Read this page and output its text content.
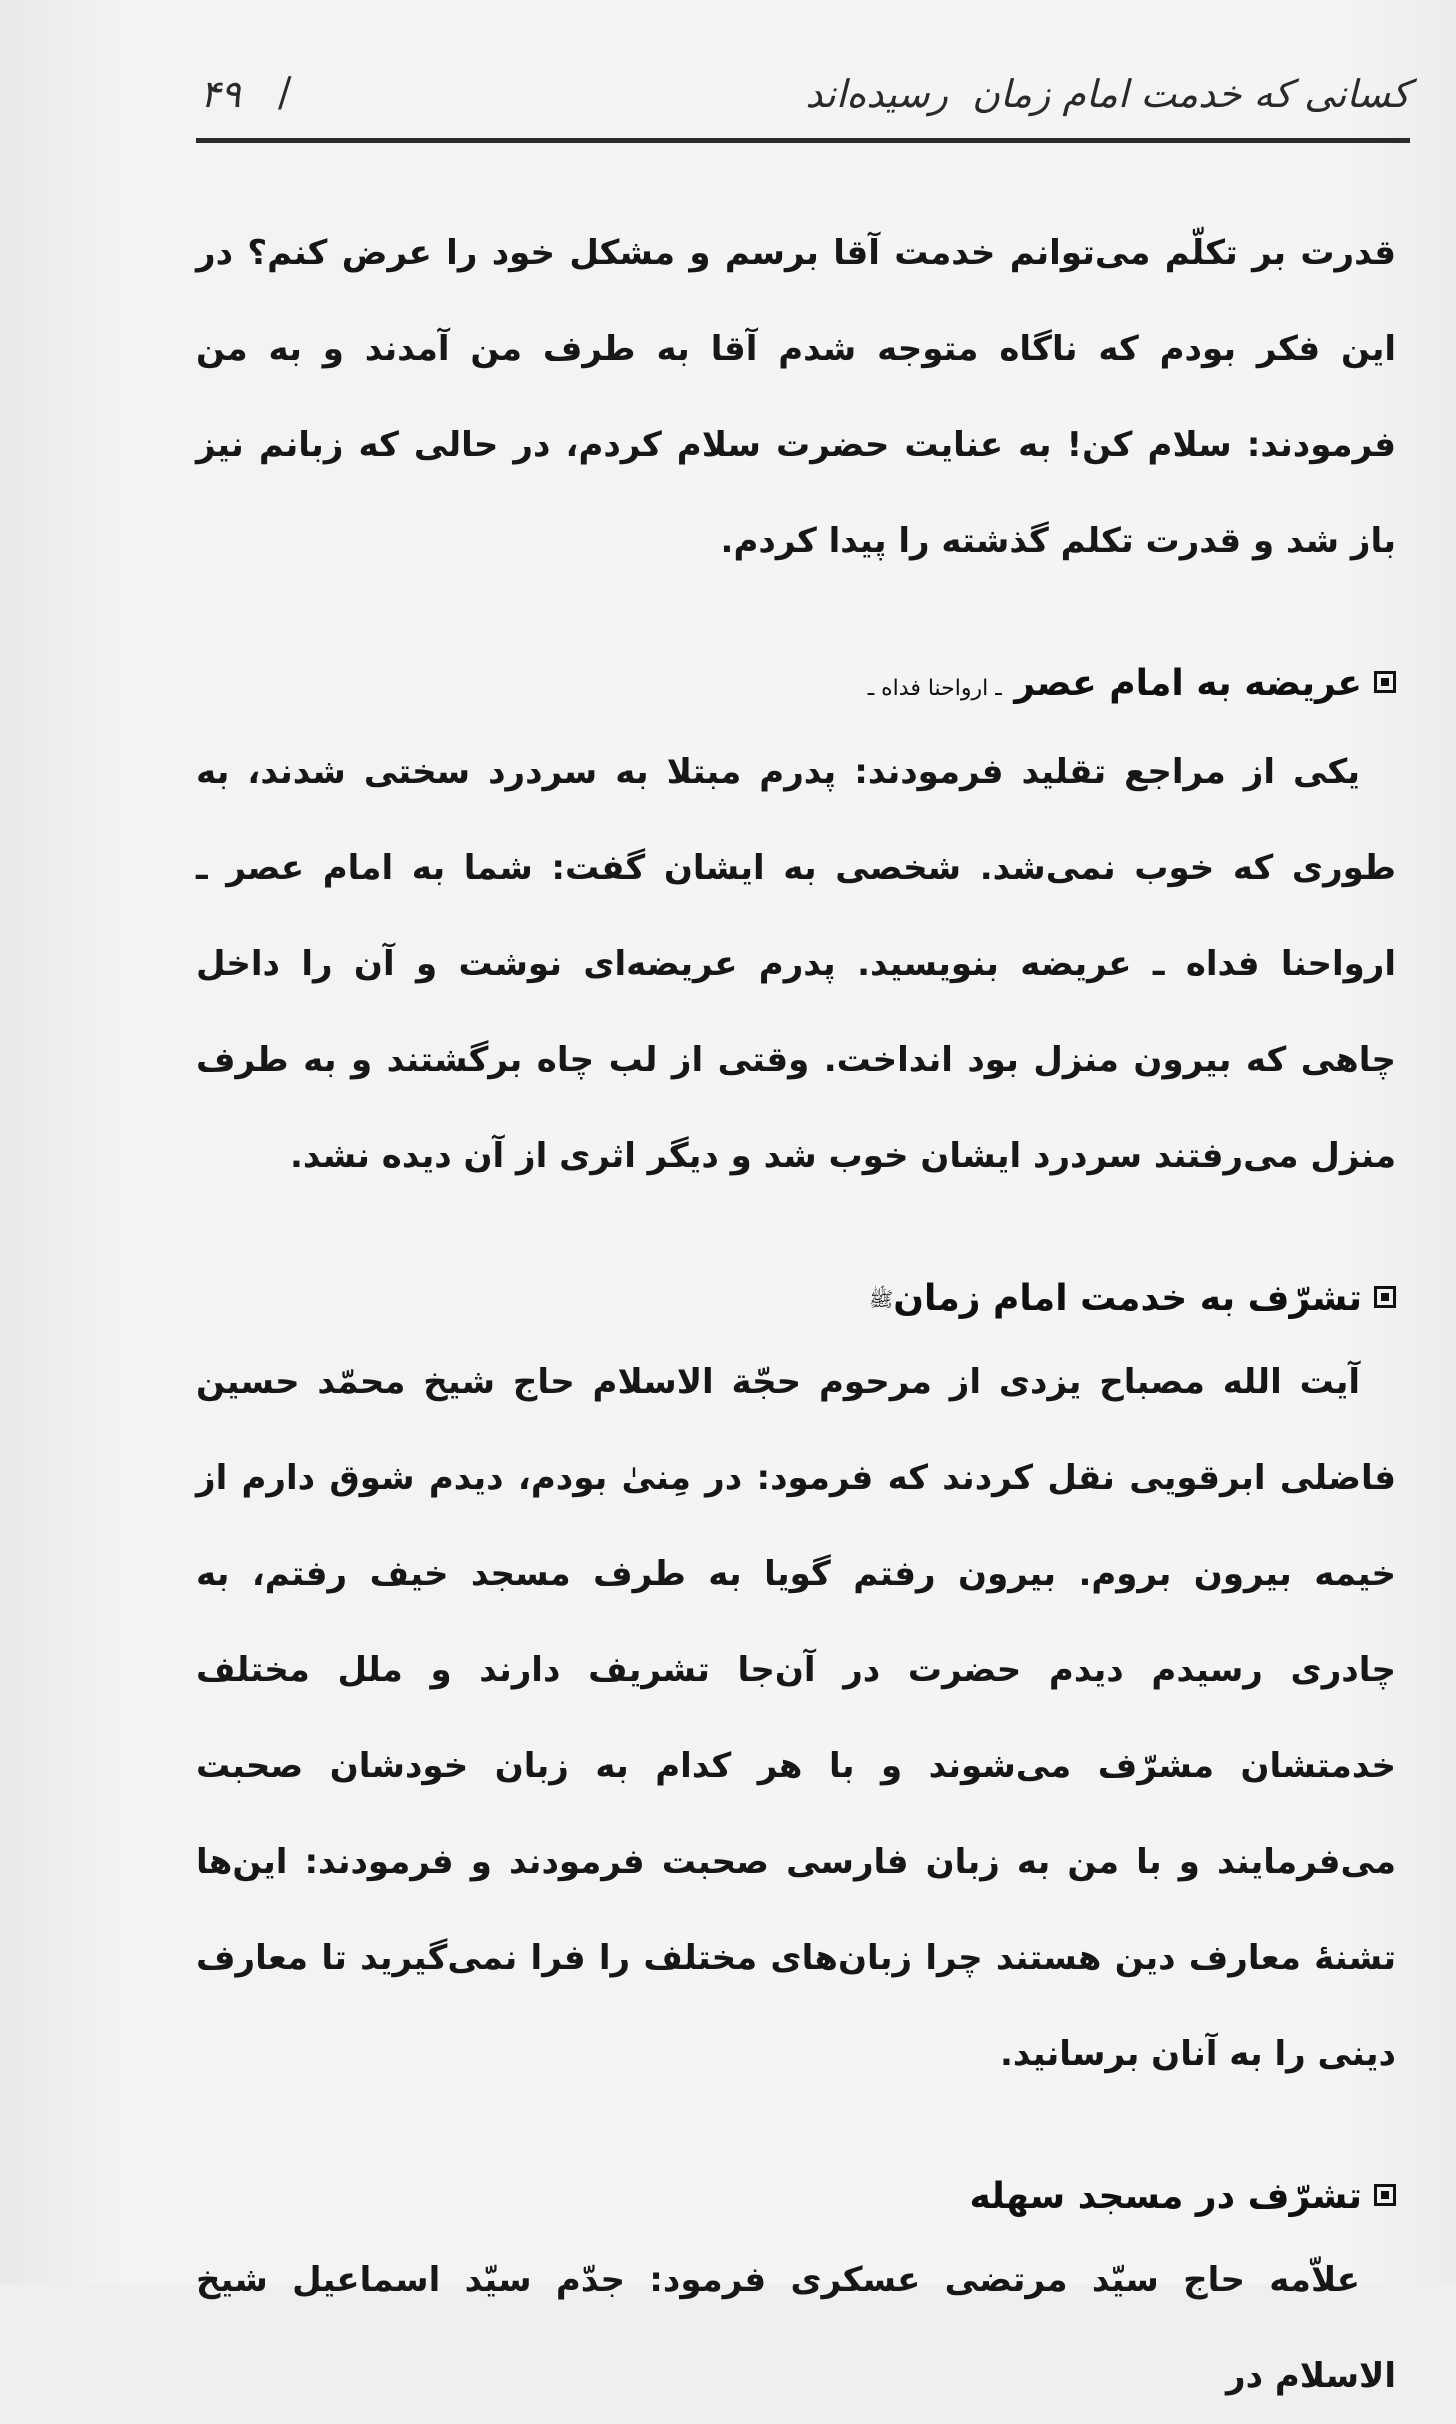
کسانی که خدمت امام زمان ‌ رسیده‌اند
/
۴۹

قدرت بر تکلّم می‌توانم خدمت آقا برسم و مشکل خود را عرض کنم؟ در این فکر بودم که ناگاه متوجه شدم آقا به طرف من آمدند و به من فرمودند: سلام کن! به عنایت حضرت سلام کردم، در حالی که زبانم نیز باز شد و قدرت تکلم گذشته را پیدا کردم.

عریضه به امام عصر ـ ارواحنا فداه ـ

یکی از مراجع تقلید فرمودند: پدرم مبتلا به سردرد سختی شدند، به طوری که خوب نمی‌شد. شخصی به ایشان گفت: شما به امام عصر ـ ارواحنا فداه ـ عریضه بنویسید. پدرم عریضه‌ای نوشت و آن را داخل چاهی که بیرون منزل بود انداخت. وقتی از لب چاه برگشتند و به طرف منزل می‌رفتند سردرد ایشان خوب شد و دیگر اثری از آن دیده نشد.

تشرّف به خدمت امام زمان$^ﷺ$

آیت الله مصباح یزدی از مرحوم حجّة الاسلام حاج شیخ محمّد حسین فاضلی ابرقویی نقل کردند که فرمود: در مِنیٰ بودم، دیدم شوق دارم از خیمه بیرون بروم. بیرون رفتم گویا به طرف مسجد خیف رفتم، به چادری رسیدم دیدم حضرت در آن‌جا تشریف دارند و ملل مختلف خدمتشان مشرّف می‌شوند و با هر کدام به زبان خودشان صحبت می‌فرمایند و با من به زبان فارسی صحبت فرمودند و فرمودند: این‌ها تشنهٔ معارف دین هستند چرا زبان‌های مختلف را فرا نمی‌گیرید تا معارف دینی را به آنان برسانید.

تشرّف در مسجد سهله

علاّمه حاج سیّد مرتضی عسکری فرمود: جدّم سیّد اسماعیل شیخ الاسلام در
